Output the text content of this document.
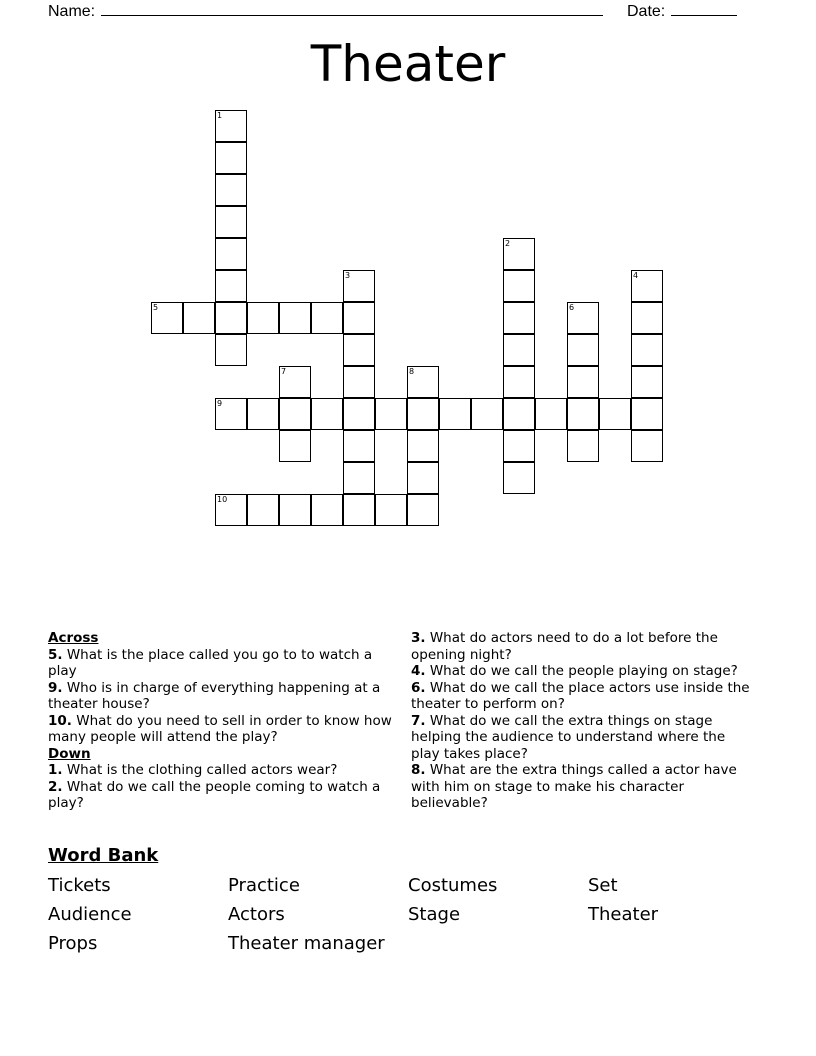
Name:	Date:
Theater
1
5
3
2
4
6
7	8
9
10
Across
5. What is the place called you go to to watch a play
9. Who is in charge of everything happening at a theater house?
10. What do you need to sell in order to know how many people will attend the play?
Down
1. What is the clothing called actors wear?
2. What do we call the people coming to watch a play?
3. What do actors need to do a lot before the opening night?
4. What do we call the people playing on stage?
6. What do we call the place actors use inside the theater to perform on?
7. What do we call the extra things on stage helping the audience to understand where the play takes place?
8. What are the extra things called a actor have with him on stage to make his character believable?
Word Bank
Tickets	Practice	Costumes	Set
Audience	Actors	Stage	Theater
Props	Theater manager
